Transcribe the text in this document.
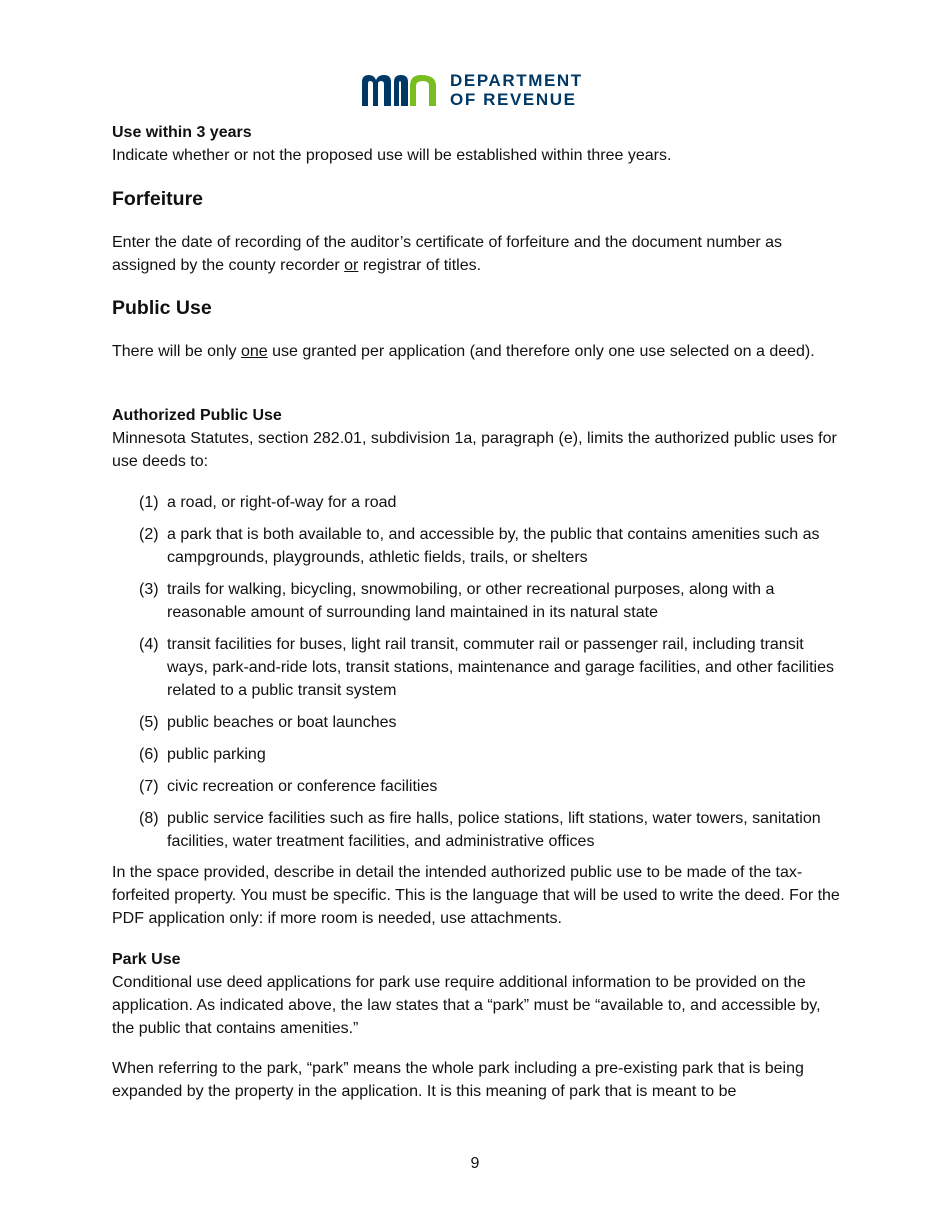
DEPARTMENT
OF REVENUE

Use within 3 years

Indicate whether or not the proposed use will be established within three years.

Forfeiture

Enter the date of recording of the auditor’s certificate of forfeiture and the document number as assigned by the county recorder or registrar of titles.

Public Use

There will be only one use granted per application (and therefore only one use selected on a deed).

Authorized Public Use

Minnesota Statutes, section 282.01, subdivision 1a, paragraph (e), limits the authorized public uses for use deeds to:

(1) a road, or right-of-way for a road
(2) a park that is both available to, and accessible by, the public that contains amenities such as campgrounds, playgrounds, athletic fields, trails, or shelters
(3) trails for walking, bicycling, snowmobiling, or other recreational purposes, along with a reasonable amount of surrounding land maintained in its natural state
(4) transit facilities for buses, light rail transit, commuter rail or passenger rail, including transit ways, park-and-ride lots, transit stations, maintenance and garage facilities, and other facilities related to a public transit system
(5) public beaches or boat launches
(6) public parking
(7) civic recreation or conference facilities
(8) public service facilities such as fire halls, police stations, lift stations, water towers, sanitation facilities, water treatment facilities, and administrative offices

In the space provided, describe in detail the intended authorized public use to be made of the tax-forfeited property. You must be specific. This is the language that will be used to write the deed. For the PDF application only: if more room is needed, use attachments.

Park Use

Conditional use deed applications for park use require additional information to be provided on the application. As indicated above, the law states that a “park” must be “available to, and accessible by, the public that contains amenities.”

When referring to the park, “park” means the whole park including a pre-existing park that is being expanded by the property in the application. It is this meaning of park that is meant to be

9
